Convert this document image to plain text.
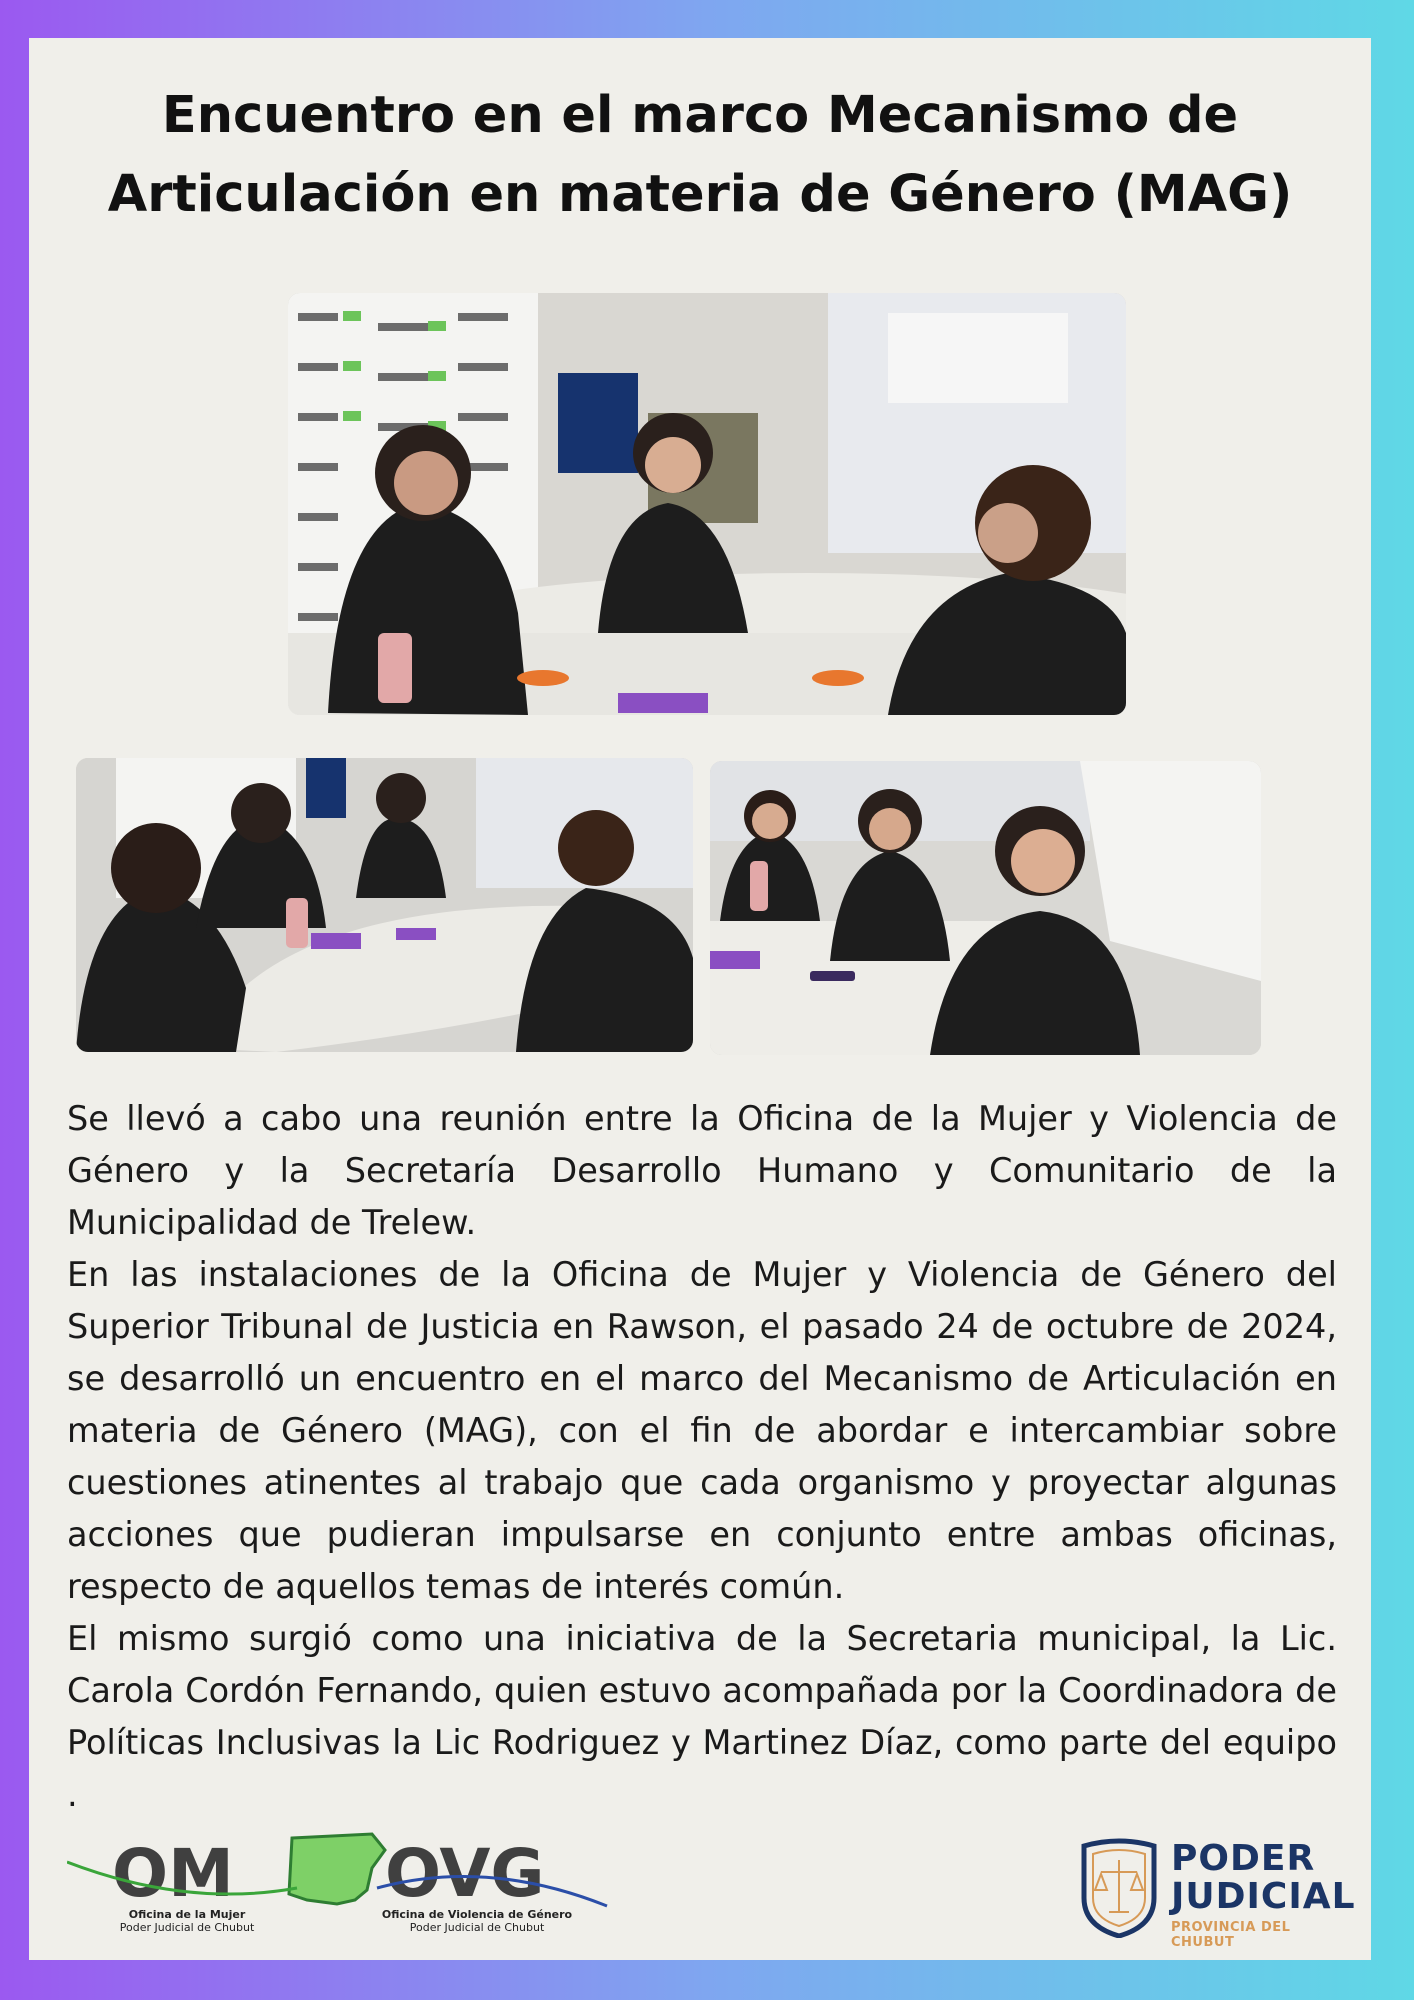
Encuentro en el marco Mecanismo de
Articulación en materia de Género (MAG)

Se llevó a cabo una reunión entre la Oficina de la Mujer y Violencia de Género y la Secretaría Desarrollo Humano y Comunitario de la Municipalidad de Trelew.

En las instalaciones de la Oficina de Mujer y Violencia de Género del Superior Tribunal de Justicia en Rawson, el pasado 24 de octubre de 2024, se desarrolló un encuentro en el marco del Mecanismo de Articulación en materia de Género (MAG), con el fin de abordar e intercambiar sobre cuestiones atinentes al trabajo que cada organismo y proyectar algunas acciones que pudieran impulsarse en conjunto entre ambas oficinas, respecto de aquellos temas de interés común.

El mismo surgió como una iniciativa de la Secretaria municipal, la Lic. Carola Cordón Fernando, quien estuvo acompañada por la Coordinadora de Políticas Inclusivas la Lic Rodriguez y Martinez Díaz, como parte del equipo .

OM OVG
Oficina de la Mujer
Poder Judicial de Chubut
Oficina de Violencia de Género
Poder Judicial de Chubut
PODER
JUDICIAL
PROVINCIA DEL CHUBUT
